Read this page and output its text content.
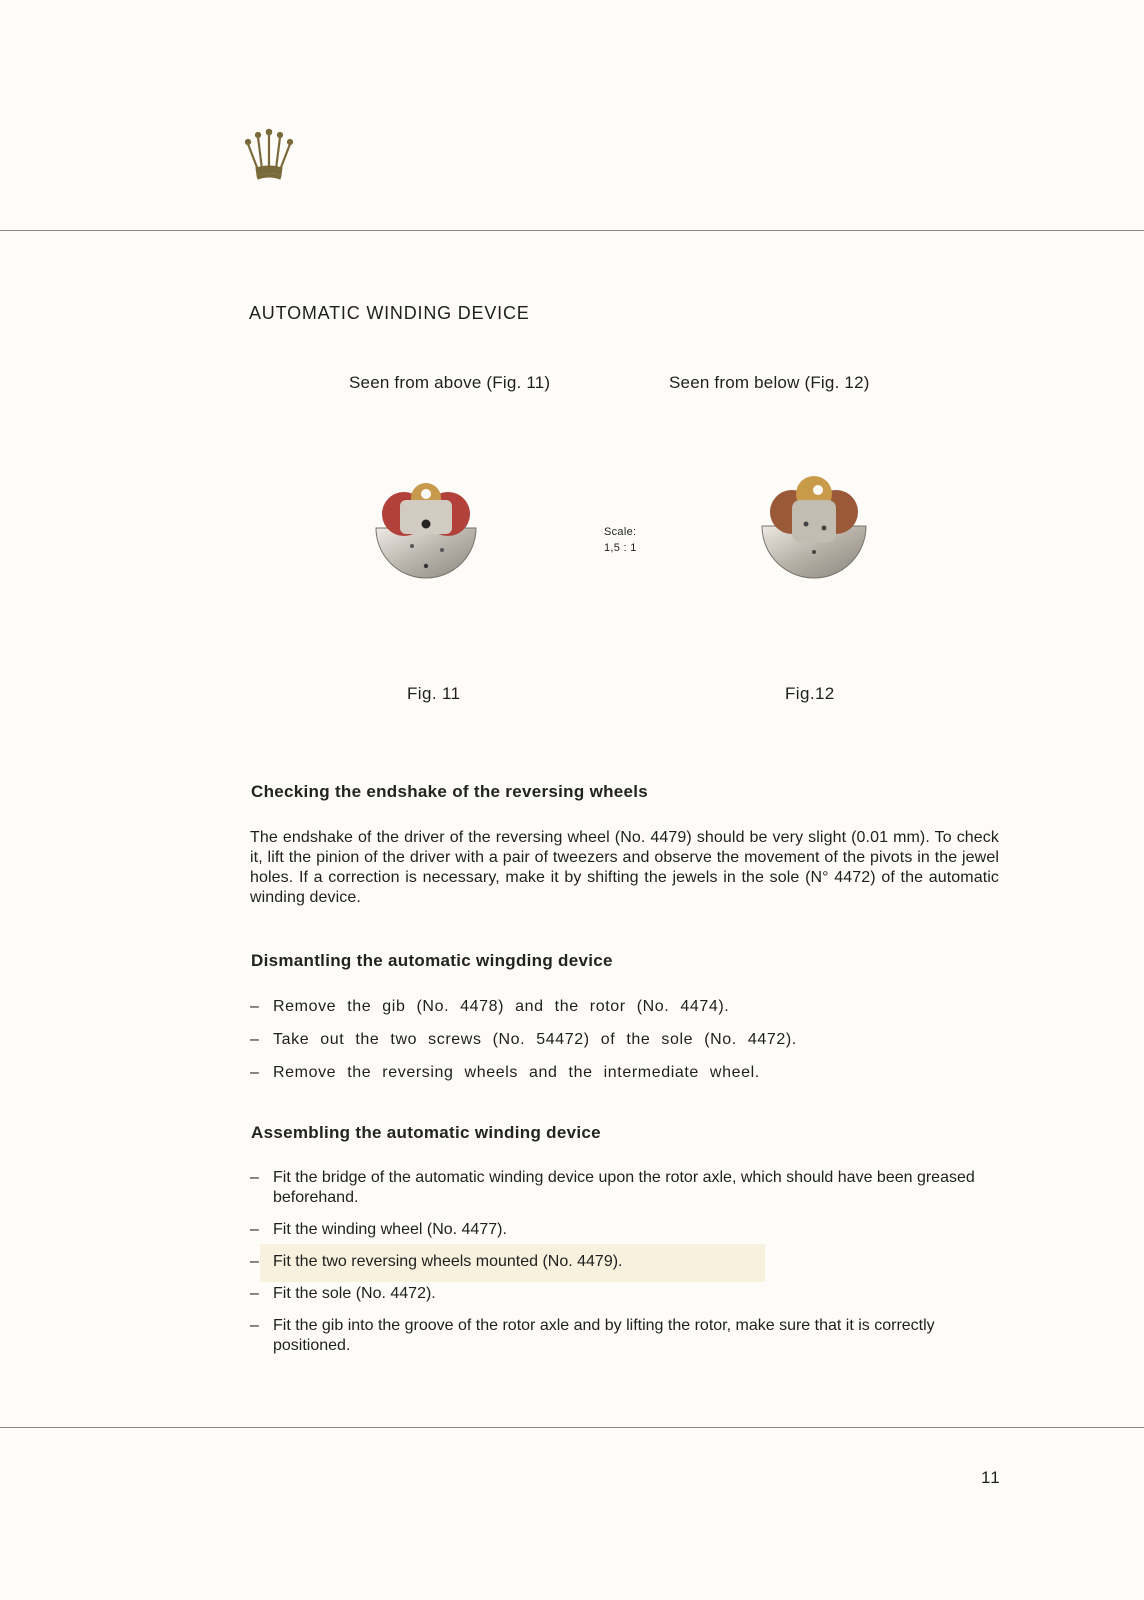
AUTOMATIC WINDING DEVICE
Seen from above (Fig. 11)	Seen from below (Fig. 12)
Scale:
1,5 : 1
Fig. 11	Fig.12
Checking the endshake of the reversing wheels
The endshake of the driver of the reversing wheel (No. 4479) should be very slight (0.01 mm). To check it, lift the pinion of the driver with a pair of tweezers and observe the movement of the pivots in the jewel holes. If a correction is necessary, make it by shifting the jewels in the sole (N° 4472) of the automatic winding device.
Dismantling the automatic wingding device
– Remove the gib (No. 4478) and the rotor (No. 4474).
– Take out the two screws (No. 54472) of the sole (No. 4472).
– Remove the reversing wheels and the intermediate wheel.
Assembling the automatic winding device
– Fit the bridge of the automatic winding device upon the rotor axle, which should have been greased beforehand.
– Fit the winding wheel (No. 4477).
– Fit the two reversing wheels mounted (No. 4479).
– Fit the sole (No. 4472).
– Fit the gib into the groove of the rotor axle and by lifting the rotor, make sure that it is correctly positioned.
11
